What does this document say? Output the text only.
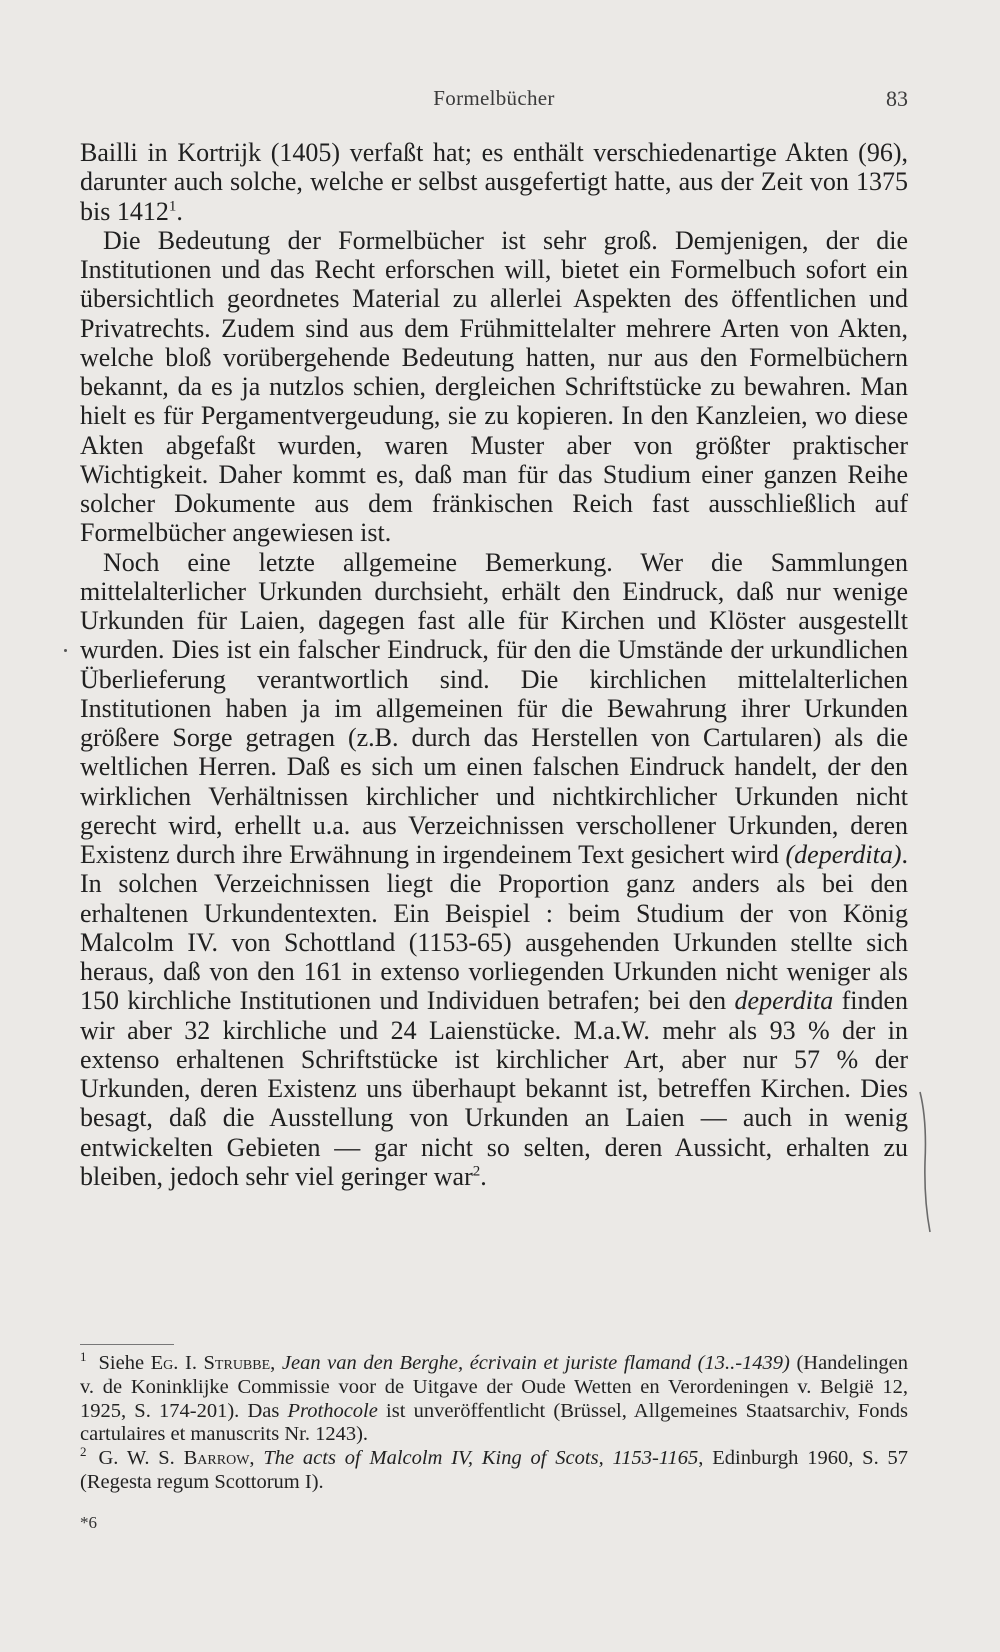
Formelbücher	83

Bailli in Kortrijk (1405) verfaßt hat; es enthält verschiedenartige Akten (96), darunter auch solche, welche er selbst ausgefertigt hatte, aus der Zeit von 1375 bis 1412$^1$.

Die Bedeutung der Formelbücher ist sehr groß. Demjenigen, der die Institutionen und das Recht erforschen will, bietet ein Formelbuch sofort ein übersichtlich geordnetes Material zu allerlei Aspekten des öffentlichen und Privatrechts. Zudem sind aus dem Frühmittelalter mehrere Arten von Akten, welche bloß vorübergehende Bedeutung hatten, nur aus den Formelbüchern bekannt, da es ja nutzlos schien, dergleichen Schriftstücke zu bewahren. Man hielt es für Pergamentvergeudung, sie zu kopieren. In den Kanzleien, wo diese Akten abgefaßt wurden, waren Muster aber von größter praktischer Wichtigkeit. Daher kommt es, daß man für das Studium einer ganzen Reihe solcher Dokumente aus dem fränkischen Reich fast ausschließlich auf Formelbücher angewiesen ist.

Noch eine letzte allgemeine Bemerkung. Wer die Sammlungen mittelalterlicher Urkunden durchsieht, erhält den Eindruck, daß nur wenige Urkunden für Laien, dagegen fast alle für Kirchen und Klöster ausgestellt wurden. Dies ist ein falscher Eindruck, für den die Umstände der urkundlichen Überlieferung verantwortlich sind. Die kirchlichen mittelalterlichen Institutionen haben ja im allgemeinen für die Bewahrung ihrer Urkunden größere Sorge getragen (z.B. durch das Herstellen von Cartularen) als die weltlichen Herren. Daß es sich um einen falschen Eindruck handelt, der den wirklichen Verhältnissen kirchlicher und nichtkirchlicher Urkunden nicht gerecht wird, erhellt u.a. aus Verzeichnissen verschollener Urkunden, deren Existenz durch ihre Erwähnung in irgendeinem Text gesichert wird (deperdita). In solchen Verzeichnissen liegt die Proportion ganz anders als bei den erhaltenen Urkundentexten. Ein Beispiel : beim Studium der von König Malcolm IV. von Schottland (1153-65) ausgehenden Urkunden stellte sich heraus, daß von den 161 in extenso vorliegenden Urkunden nicht weniger als 150 kirchliche Institutionen und Individuen betrafen; bei den deperdita finden wir aber 32 kirchliche und 24 Laienstücke. M.a.W. mehr als 93 % der in extenso erhaltenen Schriftstücke ist kirchlicher Art, aber nur 57 % der Urkunden, deren Existenz uns überhaupt bekannt ist, betreffen Kirchen. Dies besagt, daß die Ausstellung von Urkunden an Laien — auch in wenig entwickelten Gebieten — gar nicht so selten, deren Aussicht, erhalten zu bleiben, jedoch sehr viel geringer war$^2$.

$^1$ Siehe Eg. I. Strubbe, Jean van den Berghe, écrivain et juriste flamand (13..-1439) (Handelingen v. de Koninklijke Commissie voor de Uitgave der Oude Wetten en Verordeningen v. België 12, 1925, S. 174-201). Das Prothocole ist unveröffentlicht (Brüssel, Allgemeines Staatsarchiv, Fonds cartulaires et manuscrits Nr. 1243).

$^2$ G. W. S. Barrow, The acts of Malcolm IV, King of Scots, 1153-1165, Edinburgh 1960, S. 57 (Regesta regum Scottorum I).

*6
